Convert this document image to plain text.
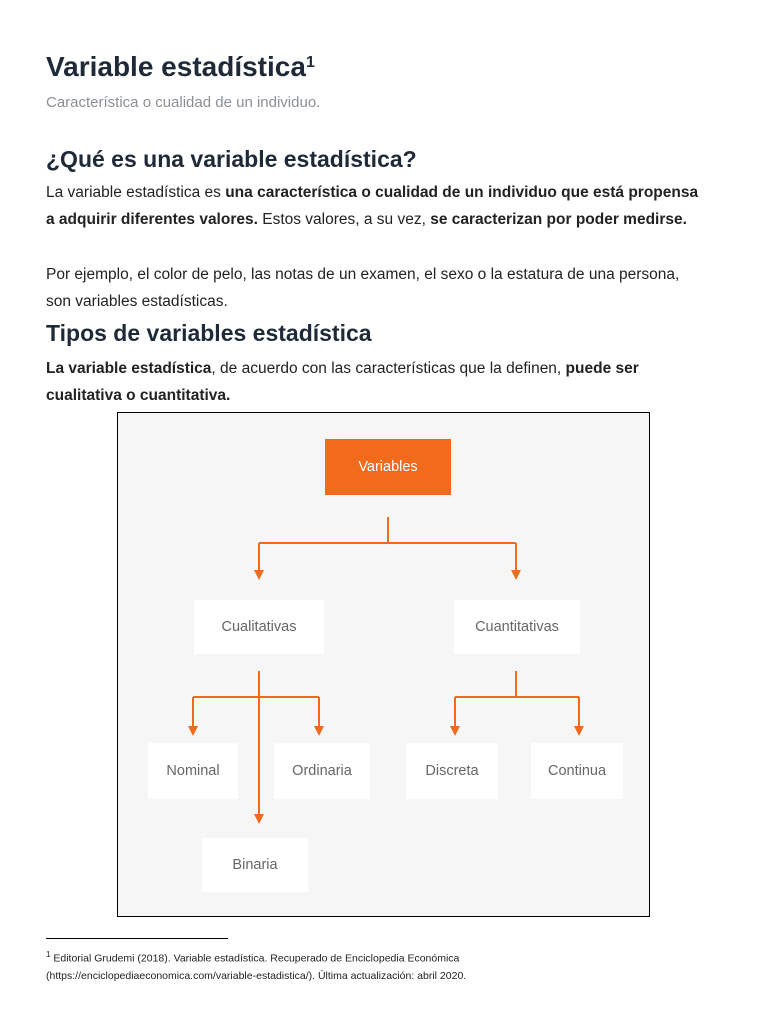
Variable estadística$^1$

Característica o cualidad de un individuo.

¿Qué es una variable estadística?

La variable estadística es una característica o cualidad de un individuo que está propensa a adquirir diferentes valores. Estos valores, a su vez, se caracterizan por poder medirse.

Por ejemplo, el color de pelo, las notas de un examen, el sexo o la estatura de una persona, son variables estadísticas.

Tipos de variables estadística

La variable estadística, de acuerdo con las características que la definen, puede ser cualitativa o cuantitativa.

Variables
Cualitativas	Cuantitativas
Nominal	Ordinaria	Discreta	Continua
Binaria

$^1$ Editorial Grudemi (2018). Variable estadística. Recuperado de Enciclopedia Económica
(https://enciclopediaeconomica.com/variable-estadistica/). Última actualización: abril 2020.
